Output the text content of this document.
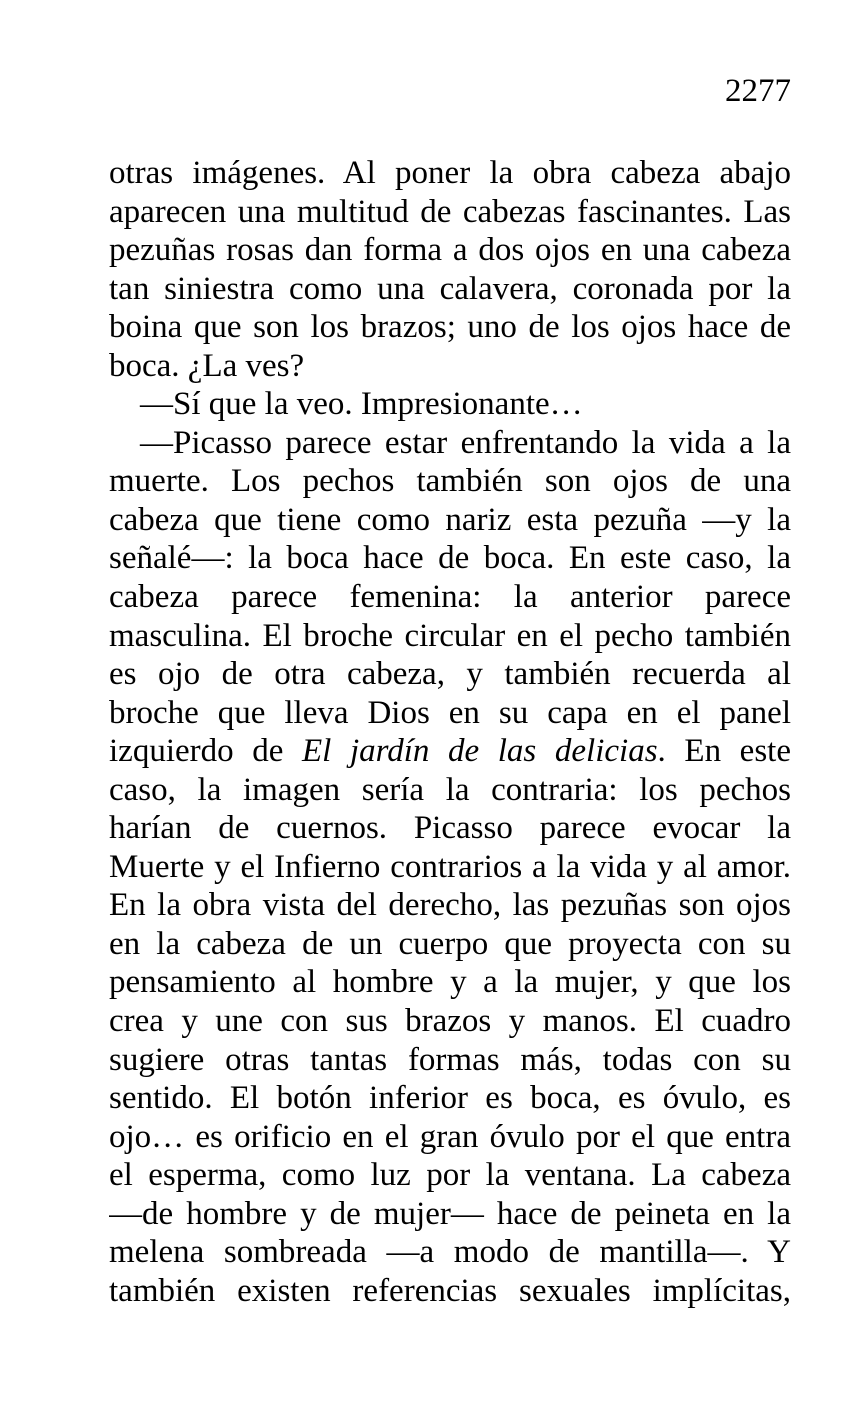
2277
otras imágenes. Al poner la obra cabeza abajo
aparecen una multitud de cabezas fascinantes. Las
pezuñas rosas dan forma a dos ojos en una cabeza
tan siniestra como una calavera, coronada por la
boina que son los brazos; uno de los ojos hace de
boca. ¿La ves?
—Sí que la veo. Impresionante…
—Picasso parece estar enfrentando la vida a la
muerte. Los pechos también son ojos de una
cabeza que tiene como nariz esta pezuña —y la
señalé—: la boca hace de boca. En este caso, la
cabeza parece femenina: la anterior parece
masculina. El broche circular en el pecho también
es ojo de otra cabeza, y también recuerda al
broche que lleva Dios en su capa en el panel
izquierdo de El jardín de las delicias. En este
caso, la imagen sería la contraria: los pechos
harían de cuernos. Picasso parece evocar la
Muerte y el Infierno contrarios a la vida y al amor.
En la obra vista del derecho, las pezuñas son ojos
en la cabeza de un cuerpo que proyecta con su
pensamiento al hombre y a la mujer, y que los
crea y une con sus brazos y manos. El cuadro
sugiere otras tantas formas más, todas con su
sentido. El botón inferior es boca, es óvulo, es
ojo… es orificio en el gran óvulo por el que entra
el esperma, como luz por la ventana. La cabeza
—de hombre y de mujer— hace de peineta en la
melena sombreada —a modo de mantilla—. Y
también existen referencias sexuales implícitas,
